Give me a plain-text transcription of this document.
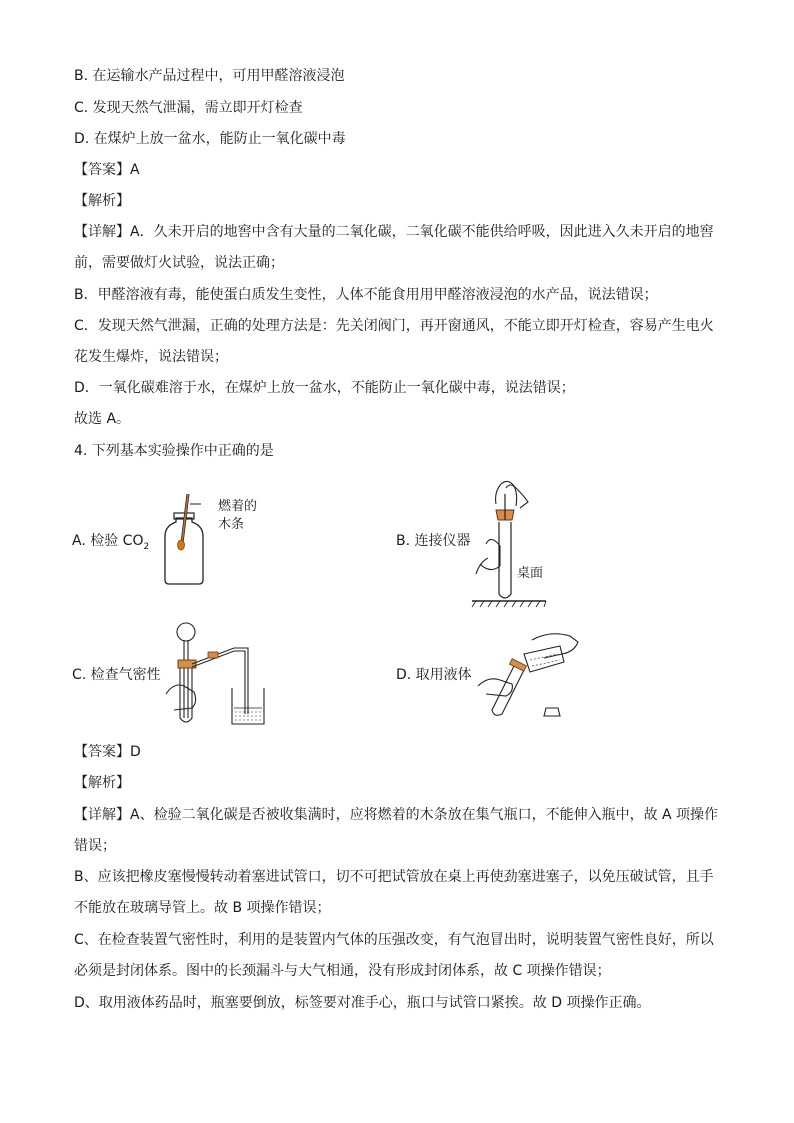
B. 在运输水产品过程中，可用甲醛溶液浸泡
C. 发现天然气泄漏，需立即开灯检查
D. 在煤炉上放一盆水，能防止一氧化碳中毒
【答案】A
【解析】
【详解】A．久未开启的地窖中含有大量的二氧化碳，二氧化碳不能供给呼吸，因此进入久未开启的地窖
前，需要做灯火试验，说法正确；
B．甲醛溶液有毒，能使蛋白质发生变性，人体不能食用用甲醛溶液浸泡的水产品，说法错误；
C．发现天然气泄漏，正确的处理方法是：先关闭阀门，再开窗通风，不能立即开灯检查，容易产生电火
花发生爆炸，说法错误；
D．一氧化碳难溶于水，在煤炉上放一盆水，不能防止一氧化碳中毒，说法错误；
故选 A。
4. 下列基本实验操作中正确的是
A. 检验 $CO_2$
燃着的
木条
B. 连接仪器
桌面
C. 检查气密性	D. 取用液体
【答案】D
【解析】
【详解】A、检验二氧化碳是否被收集满时，应将燃着的木条放在集气瓶口，不能伸入瓶中，故 A 项操作
错误；
B、应该把橡皮塞慢慢转动着塞进试管口，切不可把试管放在桌上再使劲塞进塞子，以免压破试管，且手
不能放在玻璃导管上。故 B 项操作错误；
C、在检查装置气密性时，利用的是装置内气体的压强改变，有气泡冒出时，说明装置气密性良好，所以
必须是封闭体系。图中的长颈漏斗与大气相通，没有形成封闭体系，故 C 项操作错误；
D、取用液体药品时，瓶塞要倒放，标签要对准手心，瓶口与试管口紧挨。故 D 项操作正确。
